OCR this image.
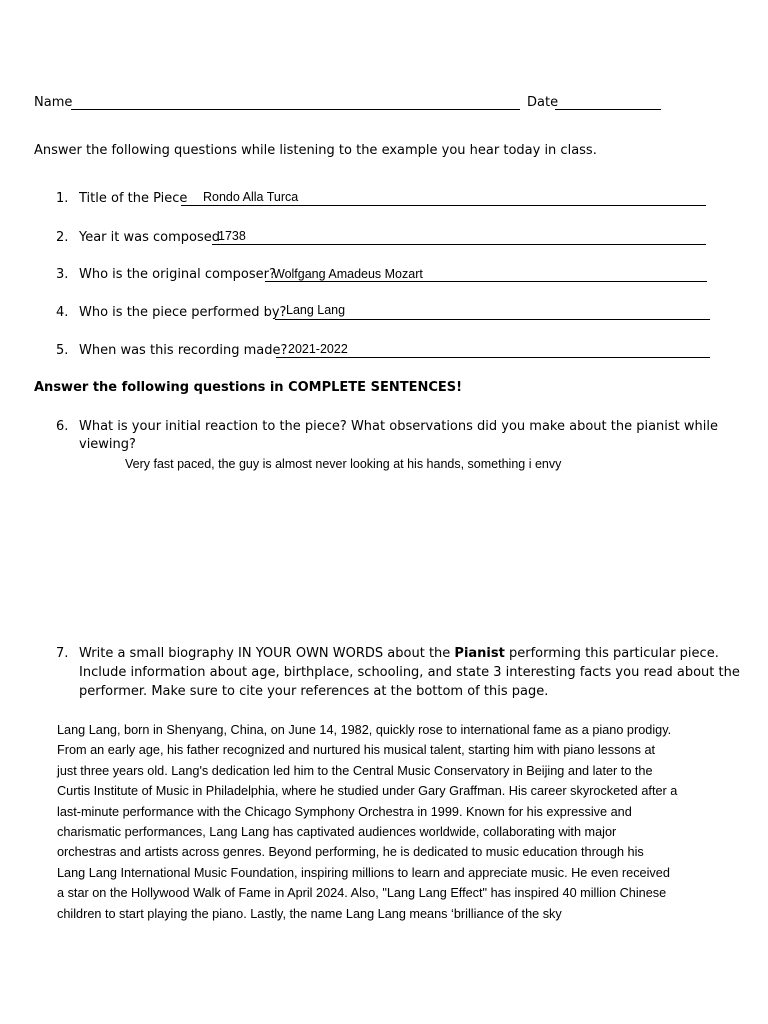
Name	Date
Answer the following questions while listening to the example you hear today in class.
1. Title of the Piece Rondo Alla Turca
2. Year it was composed
1738
3. Who is the original composer?
Wolfgang Amadeus Mozart
4. Who is the piece performed by? Lang Lang
5. When was this recording made? 2021-2022
Answer the following questions in COMPLETE SENTENCES!
6. What is your initial reaction to the piece? What observations did you make about the pianist while
viewing?
Very fast paced, the guy is almost never looking at his hands, something i envy
7. Write a small biography IN YOUR OWN WORDS about the Pianist performing this particular piece.
Include information about age, birthplace, schooling, and state 3 interesting facts you read about the
performer. Make sure to cite your references at the bottom of this page.
Lang Lang, born in Shenyang, China, on June 14, 1982, quickly rose to international fame as a piano prodigy.
From an early age, his father recognized and nurtured his musical talent, starting him with piano lessons at
just three years old. Lang's dedication led him to the Central Music Conservatory in Beijing and later to the
Curtis Institute of Music in Philadelphia, where he studied under Gary Graffman. His career skyrocketed after a
last-minute performance with the Chicago Symphony Orchestra in 1999. Known for his expressive and
charismatic performances, Lang Lang has captivated audiences worldwide, collaborating with major
orchestras and artists across genres. Beyond performing, he is dedicated to music education through his
Lang Lang International Music Foundation, inspiring millions to learn and appreciate music. He even received
a star on the Hollywood Walk of Fame in April 2024. Also, "Lang Lang Effect" has inspired 40 million Chinese
children to start playing the piano. Lastly, the name Lang Lang means ‘brilliance of the sky
